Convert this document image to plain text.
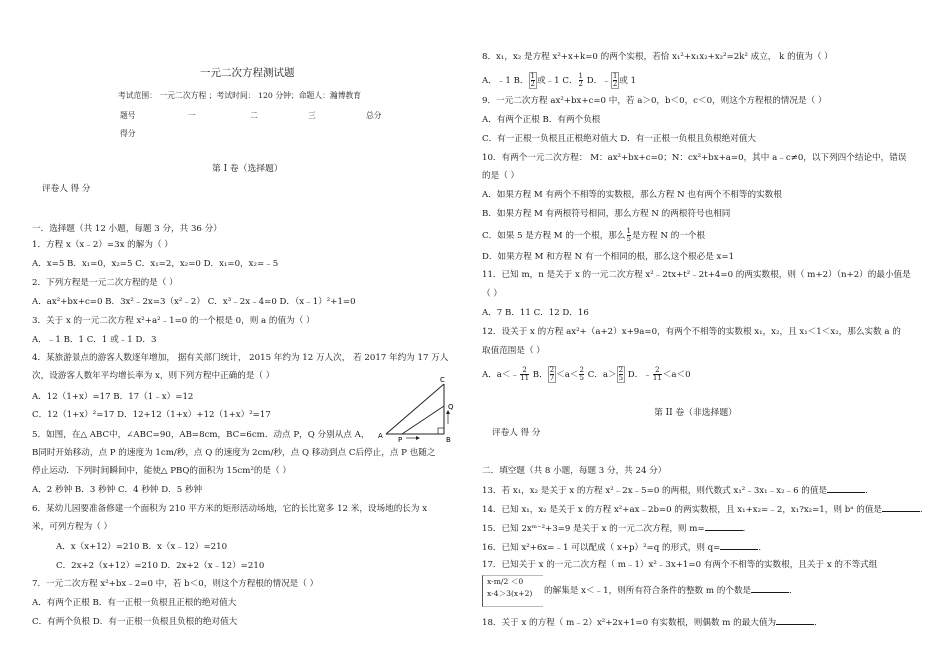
一元二次方程测试题
考试范围： 一元二次方程 ；考试时间： 120 分钟；命题人：瀚博教育
题号	一	二	三	总分
得分
第 I 卷（选择题）
评卷人 得 分
一．选择题（共 12 小题，每题 3 分，共 36 分）
1．方程 x（x﹣2）=3x 的解为（ ）
A．x=5 B．x₁=0，x₂=5 C．x₁=2，x₂=0 D．x₁=0，x₂=﹣5
2．下列方程是一元二次方程的是（ ）
A．ax²+bx+c=0 B．3x²﹣2x=3（x²﹣2） C．x³﹣2x﹣4=0 D．（x﹣1）²+1=0
3．关于 x 的一元二次方程 x²+a²﹣1=0 的一个根是 0，则 a 的值为（ ）
A．﹣1 B．1 C．1 或﹣1 D．3
4．某旅游景点的游客人数逐年增加， 据有关部门统计， 2015 年约为 12 万人次， 若 2017 年约为 17 万人
次，设游客人数年平均增长率为 x，则下列方程中正确的是（ ）
A．12（1+x）=17 B．17（1﹣x）=12
C．12（1+x）²=17 D．12+12（1+x）+12（1+x）²=17
5．如图，在△ ABC中，∠ABC=90，AB=8cm，BC=6cm．动点 P，Q 分别从点 A，
B同时开始移动，点 P 的速度为 1cm/秒，点 Q 的速度为 2cm/秒，点 Q 移动到点 C后停止，点 P 也随之
停止运动．下列时间瞬间中，能使△ PBQ的面积为 15cm²的是（ ）
A．2 秒钟 B．3 秒钟 C．4 秒钟 D．5 秒钟
6．某幼儿园要准备修建一个面积为 210 平方米的矩形活动场地，它的长比宽多 12 米，设场地的长为 x
米，可列方程为（ ）
A．x（x+12）=210 B．x（x﹣12）=210
C．2x+2（x+12）=210 D．2x+2（x﹣12）=210
7．一元二次方程 x²+bx﹣2=0 中，若 b＜0，则这个方程根的情况是（ ）
A．有两个正根 B．有一正根一负根且正根的绝对值大
C．有两个负根 D．有一正根一负根且负根的绝对值大
C
Q
A P	B
8．x₁，x₂ 是方程 x²+x+k=0 的两个实根，若恰 x₁²+x₁x₂+x₂²=2k² 成立， k 的值为（ ）
A．﹣1 B． $\frac{1}{2}$ 或﹣1 C． $\frac{1}{2}$ D．﹣ $\frac{1}{2}$ 或 1
9．一元二次方程 ax²+bx+c=0 中，若 a＞0，b＜0，c＜0，则这个方程根的情况是（ ）
A．有两个正根 B．有两个负根
C．有一正根一负根且正根绝对值大 D．有一正根一负根且负根绝对值大
10．有两个一元二次方程： M：ax²+bx+c=0；N：cx²+bx+a=0，其中 a﹣c≠0，以下列四个结论中，错误
的是（ ）
A．如果方程 M 有两个不相等的实数根，那么方程 N 也有两个不相等的实数根
B．如果方程 M 有两根符号相同，那么方程 N 的两根符号也相同
C．如果 5 是方程 M 的一个根，那么 $\frac{1}{5}$ 是方程 N 的一个根
D．如果方程 M 和方程 N 有一个相同的根，那么这个根必是 x=1
11．已知 m，n 是关于 x 的一元二次方程 x²﹣2tx+t²﹣2t+4=0 的两实数根，则（ m+2）（n+2）的最小值是
（ ）
A．7 B．11 C．12 D．16
12．设关于 x 的方程 ax²+（a+2）x+9a=0，有两个不相等的实数根 x₁，x₂，且 x₁＜1＜x₂，那么实数 a 的
取值范围是（ ）
A．a＜﹣ $\frac{2}{11}$ B． $\frac{2}{7} <a< \frac{2}{5}$ C．$a> \frac{2}{5}$ D．﹣ $\frac{2}{11} <a<0$
第 II 卷（非选择题）
评卷人 得 分
二．填空题（共 8 小题，每题 3 分，共 24 分）
13．若 x₁，x₂ 是关于 x 的方程 x²﹣2x﹣5=0 的两根，则代数式 x₁²﹣3x₁﹣x₂﹣6 的值是	．
14．已知 x₁，x₂ 是关于 x 的方程 x²+ax﹣2b=0 的两实数根，且 x₁+x₂=﹣2，x₁?x₂=1，则 bᵃ 的值是	．
15．已知 2xᵐ⁻²+3=9 是关于 x 的一元二次方程，则 m=	．
16．已知 x²+6x=﹣1 可以配成（ x+p）²=q 的形式，则 q=	．
17．已知关于 x 的一元二次方程（ m﹣1）x²﹣3x+1=0 有两个不相等的实数根，且关于 x 的不等式组
的解集是 x＜﹣1，则所有符合条件的整数 m 的个数是	．
18．关于 x 的方程（ m﹣2）x²+2x+1=0 有实数根，则偶数 m 的最大值为	．
x-m/2 ＜0
x-4＞3(x+2)
